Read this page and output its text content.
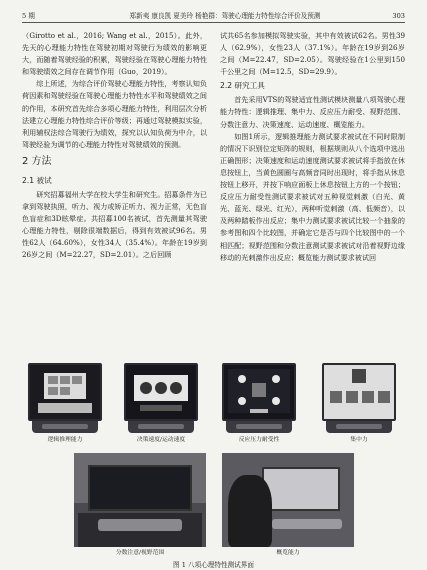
5 期	郑新夷 康良凯 夏美玲 杨艳群：驾驶心理能力特性综合评价及预测	303

（Girotto et al.，2016; Wang et al.，2015）。此外，先天的心理能力特性在驾驶初期对驾驶行为绩效的影响更大，而随着驾驶经验的积累，驾驶经验在驾驶心理能力特性和驾驶绩效之间存在调节作用（Guo，2019）。

综上所述，为综合评价驾驶心理能力特性，考察认知负荷因素和驾驶经验在驾驶心理能力特性水平和驾驶绩效之间的作用，本研究首先综合多项心理能力特性，利用层次分析法建立心理能力特性综合评价等级；再通过驾驶模拟实验，利用辅权法综合驾驶行为绩效，探究以认知负荷为中介，以驾驶经验为调节的心理能力特性对驾驶绩效的预测。

2 方法
2.1 被试

研究招募福州大学在校大学生和研究生。招募条件为已拿到驾驶执照，听力、视力或矫正听力、视力正常，无色盲色盲症和3D眩晕症。共招募100名被试，首先测量其驾驶心理能力特性，剔除很端数据后，得到有效被试96名。男性62人（64.60%），女性34人（35.4%）。年龄在19岁到26岁之间（M=22.27，SD=2.01）。之后回顾

试共65名参加模拟驾驶实验，其中有效被试62名。男性39人（62.9%），女性23人（37.1%）。年龄在19岁到26岁之间（M=22.47，SD=2.05）。驾驶经验在1公里到150千公里之间（M=12.5，SD=29.9）。

2.2 研究工具

首先采用VTS的驾驶适宜性测试模块测量八项驾驶心理能力特性：逻辑推理、集中力、反应压力耐受、视野范围、分数注意力、决策速度、运动速度、概览能力。

如图1所示，逻辑推理能力测试要求被试在不同时限制的情况下识别位定矩阵的规则，根据规则从八个选项中选出正确图形；决策速度和运动速度测试要求被试将手指放在休息按钮上，当黄色圆圈与高频音同时出现时，将手指从休息按钮上移开，并按下响应面板上休息按钮上方的一个按钮；反应压力耐受性测试要求被试对五种视觉刺激（白光、黄光、蓝光、绿光、红光），两种听觉刺激（高、低频音），以及两种踏板作出反应；集中力测试要求被试比较一个抽象的参考图和四个比较图，并确定它是否与四个比较图中的一个相匹配；视野范围和分数注意测试要求被试对沿着视野边缘移动的光刺激作出反应；概览能力测试要求被试回

逻辑推理能力	决策速度/运动速度	反应压力耐受性	集中力
分数注意/视野范围	概览能力
图 1 八项心理特性测试界面
